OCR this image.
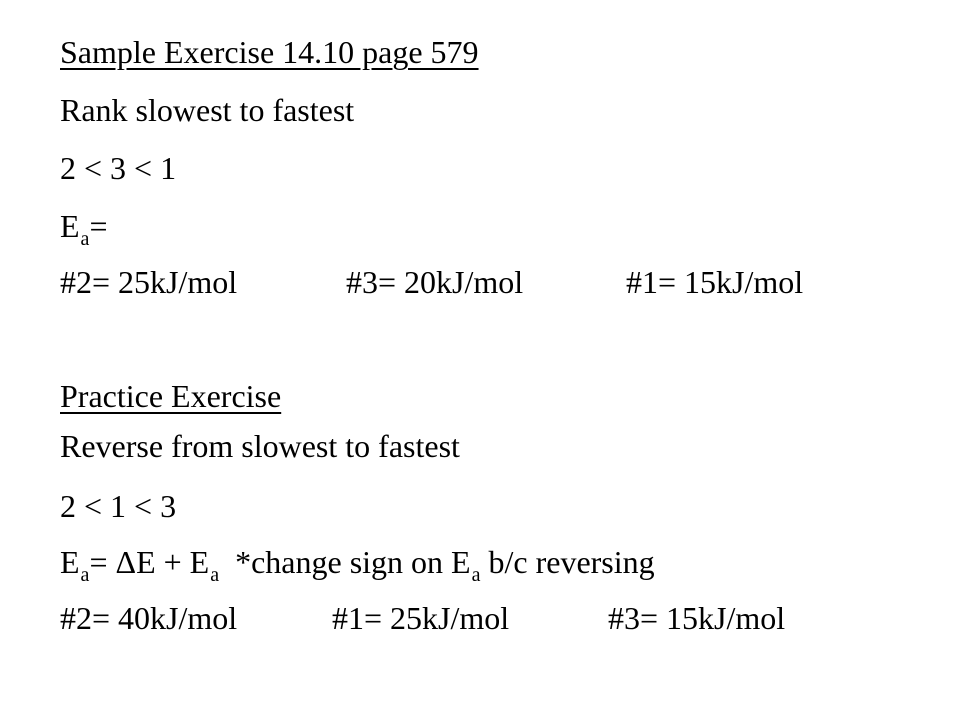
Sample Exercise 14.10 page 579

Rank slowest to fastest

2 < 3 < 1

$E_a=$

#2= 25kJ/mol	#3= 20kJ/mol	#1= 15kJ/mol

Practice Exercise

Reverse from slowest to fastest

2 < 1 < 3

$E_a= \Delta E + E_a$  *change sign on $E_a$ b/c reversing

#2= 40kJ/mol	#1= 25kJ/mol	#3= 15kJ/mol
